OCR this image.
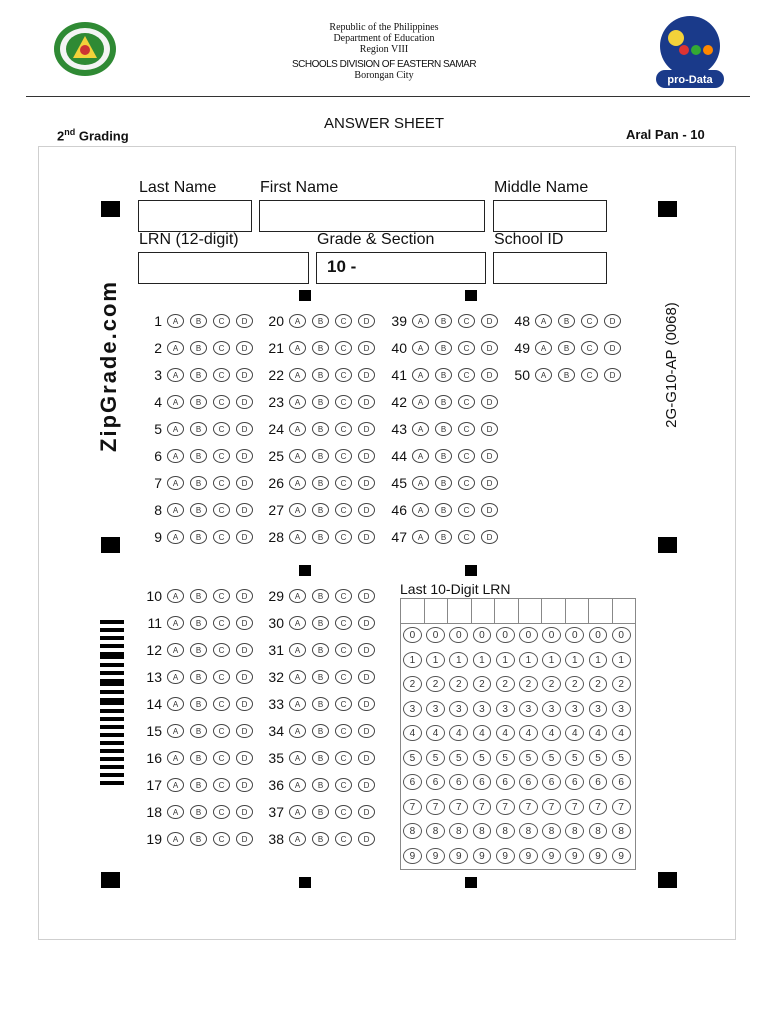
Republic of the Philippines
Department of Education
Region VIII
SCHOOLS DIVISION OF EASTERN SAMAR
Borongan City	pro-Data
ANSWER SHEET
2nd Grading	Aral Pan - 10
Last Name	First Name	Middle Name
LRN (12-digit)	Grade & Section	School ID
10 -
ZipGrade.com	2G-G10-AP (0068)
1	A	B	C	D
2	A	B	C	D
3	A	B	C	D
4	A	B	C	D
5	A	B	C	D
6	A	B	C	D
7	A	B	C	D
8	A	B	C	D
9	A	B	C	D
20	A	B	C	D
21	A	B	C	D
22	A	B	C	D
23	A	B	C	D
24	A	B	C	D
25	A	B	C	D
26	A	B	C	D
27	A	B	C	D
28	A	B	C	D
39	A	B	C	D
40	A	B	C	D
41	A	B	C	D
42	A	B	C	D
43	A	B	C	D
44	A	B	C	D
45	A	B	C	D
46	A	B	C	D
47	A	B	C	D
48	A	B	C	D
49	A	B	C	D
50	A	B	C	D
10	A	B	C	D
11	A	B	C	D
12	A	B	C	D
13	A	B	C	D
14	A	B	C	D
15	A	B	C	D
16	A	B	C	D
17	A	B	C	D
18	A	B	C	D
19	A	B	C	D
29	A	B	C	D
30	A	B	C	D
31	A	B	C	D
32	A	B	C	D
33	A	B	C	D
34	A	B	C	D
35	A	B	C	D
36	A	B	C	D
37	A	B	C	D
38	A	B	C	D
Last 10-Digit LRN
0	0	0	0	0	0	0	0	0	0
1	1	1	1	1	1	1	1	1	1
2	2	2	2	2	2	2	2	2	2
3	3	3	3	3	3	3	3	3	3
4	4	4	4	4	4	4	4	4	4
5	5	5	5	5	5	5	5	5	5
6	6	6	6	6	6	6	6	6	6
7	7	7	7	7	7	7	7	7	7
8	8	8	8	8	8	8	8	8	8
9	9	9	9	9	9	9	9	9	9
